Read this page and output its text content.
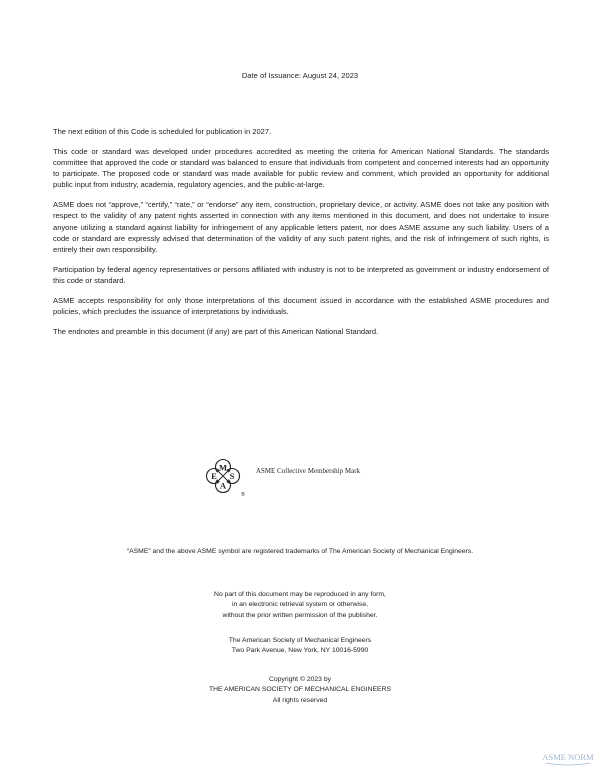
Date of Issuance: August 24, 2023

The next edition of this Code is scheduled for publication in 2027.

This code or standard was developed under procedures accredited as meeting the criteria for American National Standards. The standards committee that approved the code or standard was balanced to ensure that individuals from competent and concerned interests had an opportunity to participate. The proposed code or standard was made available for public review and comment, which provided an opportunity for additional public input from industry, academia, regulatory agencies, and the public-at-large.

ASME does not “approve,” “certify,” “rate,” or “endorse” any item, construction, proprietary device, or activity. ASME does not take any position with respect to the validity of any patent rights asserted in connection with any items mentioned in this document, and does not undertake to insure anyone utilizing a standard against liability for infringement of any applicable letters patent, nor does ASME assume any such liability. Users of a code or standard are expressly advised that determination of the validity of any such patent rights, and the risk of infringement of such rights, is entirely their own responsibility.

Participation by federal agency representatives or persons affiliated with industry is not to be interpreted as government or industry endorsement of this code or standard.

ASME accepts responsibility for only those interpretations of this document issued in accordance with the established ASME procedures and policies, which precludes the issuance of interpretations by individuals.

The endnotes and preamble in this document (if any) are part of this American National Standard.

M
E S
A
®
ASME Collective Membership Mark
“ASME” and the above ASME symbol are registered trademarks of The American Society of Mechanical Engineers.
No part of this document may be reproduced in any form,
in an electronic retrieval system or otherwise,
without the prior written permission of the publisher.
The American Society of Mechanical Engineers
Two Park Avenue, New York, NY 10016-5990
Copyright © 2023 by
THE AMERICAN SOCIETY OF MECHANICAL ENGINEERS
All rights reserved
ASME NORM
